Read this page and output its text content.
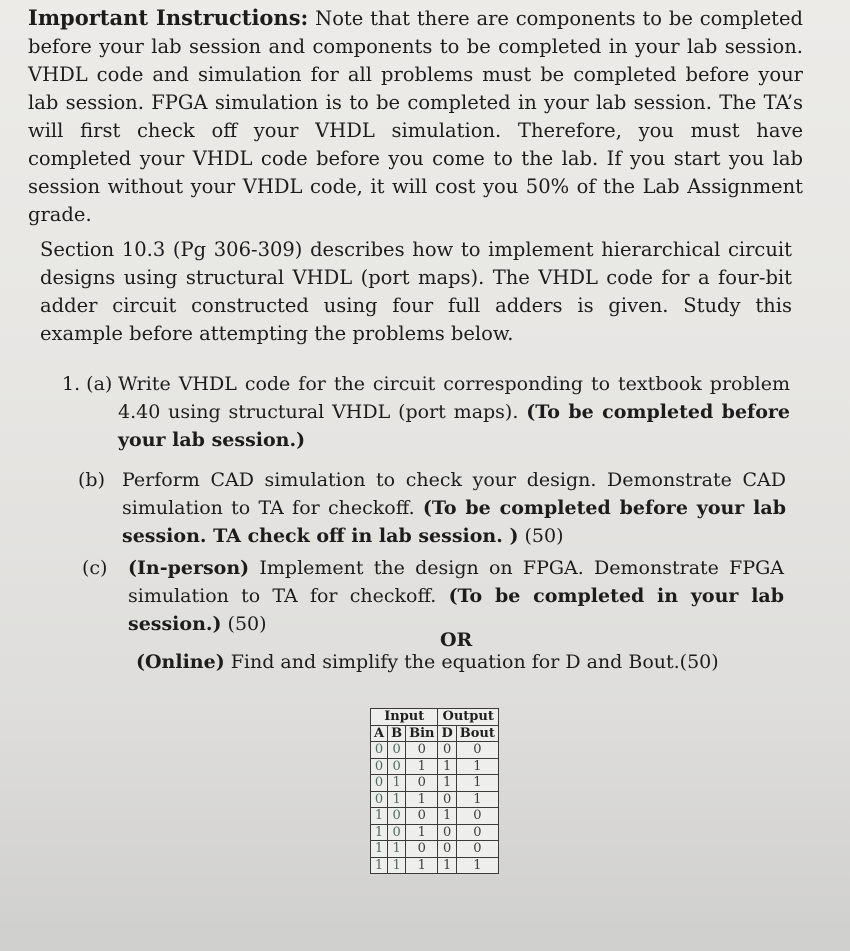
Important Instructions: Note that there are components to be completed before your lab session and components to be completed in your lab session. VHDL code and simulation for all problems must be completed before your lab session. FPGA simulation is to be completed in your lab session. The TA’s will first check off your VHDL simulation. Therefore, you must have completed your VHDL code before you come to the lab. If you start you lab session without your VHDL code, it will cost you 50% of the Lab Assignment grade.

Section 10.3 (Pg 306-309) describes how to implement hierarchical circuit designs using structural VHDL (port maps). The VHDL code for a four-bit adder circuit constructed using four full adders is given. Study this example before attempting the problems below.

1. (a) Write VHDL code for the circuit corresponding to textbook problem 4.40 using structural VHDL (port maps). (To be completed before your lab session.)
(b) Perform CAD simulation to check your design. Demonstrate CAD simulation to TA for checkoff. (To be completed before your lab session. TA check off in lab session. ) (50)
(c) (In-person) Implement the design on FPGA. Demonstrate FPGA simulation to TA for checkoff. (To be completed in your lab session.) (50)
OR
(Online) Find and simplify the equation for D and Bout.(50)
Input			Output	
A	B	Bin	D	Bout
0	0	0	0	0
0	0	1	1	1
0	1	0	1	1
0	1	1	0	1
1	0	0	1	0
1	0	1	0	0
1	1	0	0	0
1	1	1	1	1
